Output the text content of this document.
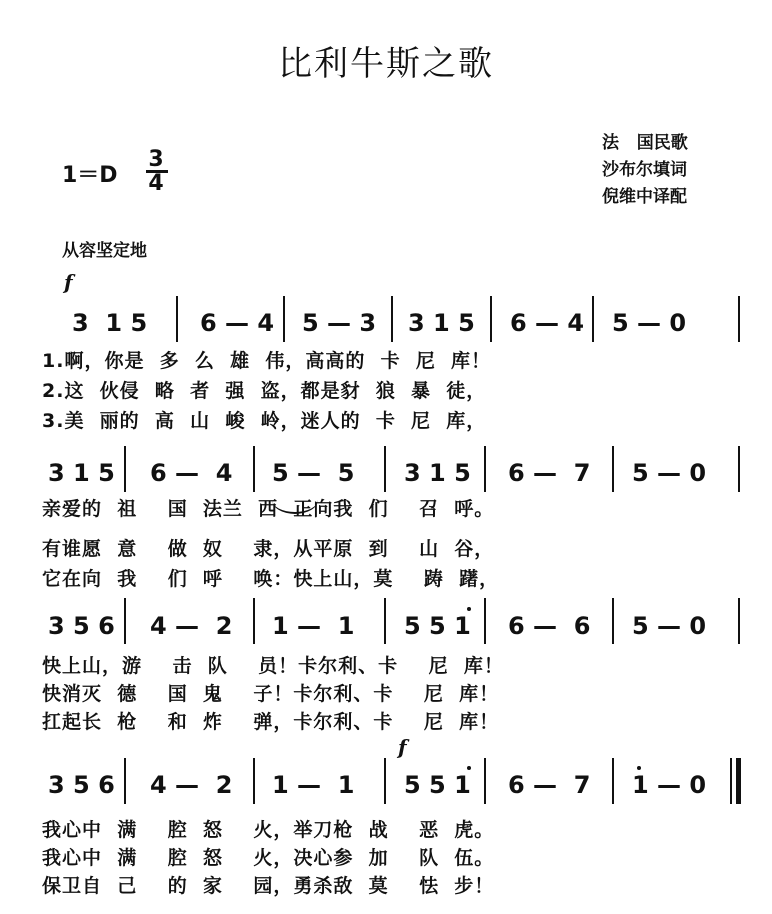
比利牛斯之歌
法   国民歌
沙布尔填词
倪维中译配
1＝D
3
4
从容坚定地
f
3  1 5 6 — 4 5 — 3 3 1 5 6 — 4 5 — 0
1.啊，你是  多  么  雄  伟，高高的  卡  尼  库！
2.这  伙侵  略  者  强  盗，都是豺  狼  暴  徒，
3.美  丽的  高  山  峻  岭，迷人的  卡  尼  库，
3 1 5 6 —  4 5 —  5 3 1 5 6 —  7 5 — 0
亲爱的  祖    国  法兰  西  正向我  们    召  呼。
有谁愿  意    做  奴    隶，从平原  到    山  谷，
它在向  我    们  呼    唤：快上山，莫    踌  躇，
3 5 6 4 —  2 1 —  1 5 5 1 6 —  6 5 — 0
快上山，游    击  队    员！卡尔利、卡    尼  库！
快消灭  德    国  鬼    子！卡尔利、卡    尼  库！
扛起长  枪    和  炸    弹，卡尔利、卡    尼  库！
f
3 5 6 4 —  2 1 —  1 5 5 1 6 —  7 1 — 0
我心中  满    腔  怒    火，举刀枪  战    恶  虎。
我心中  满    腔  怒    火，决心参  加    队  伍。
保卫自  己    的  家    园，勇杀敌  莫    怯  步！
